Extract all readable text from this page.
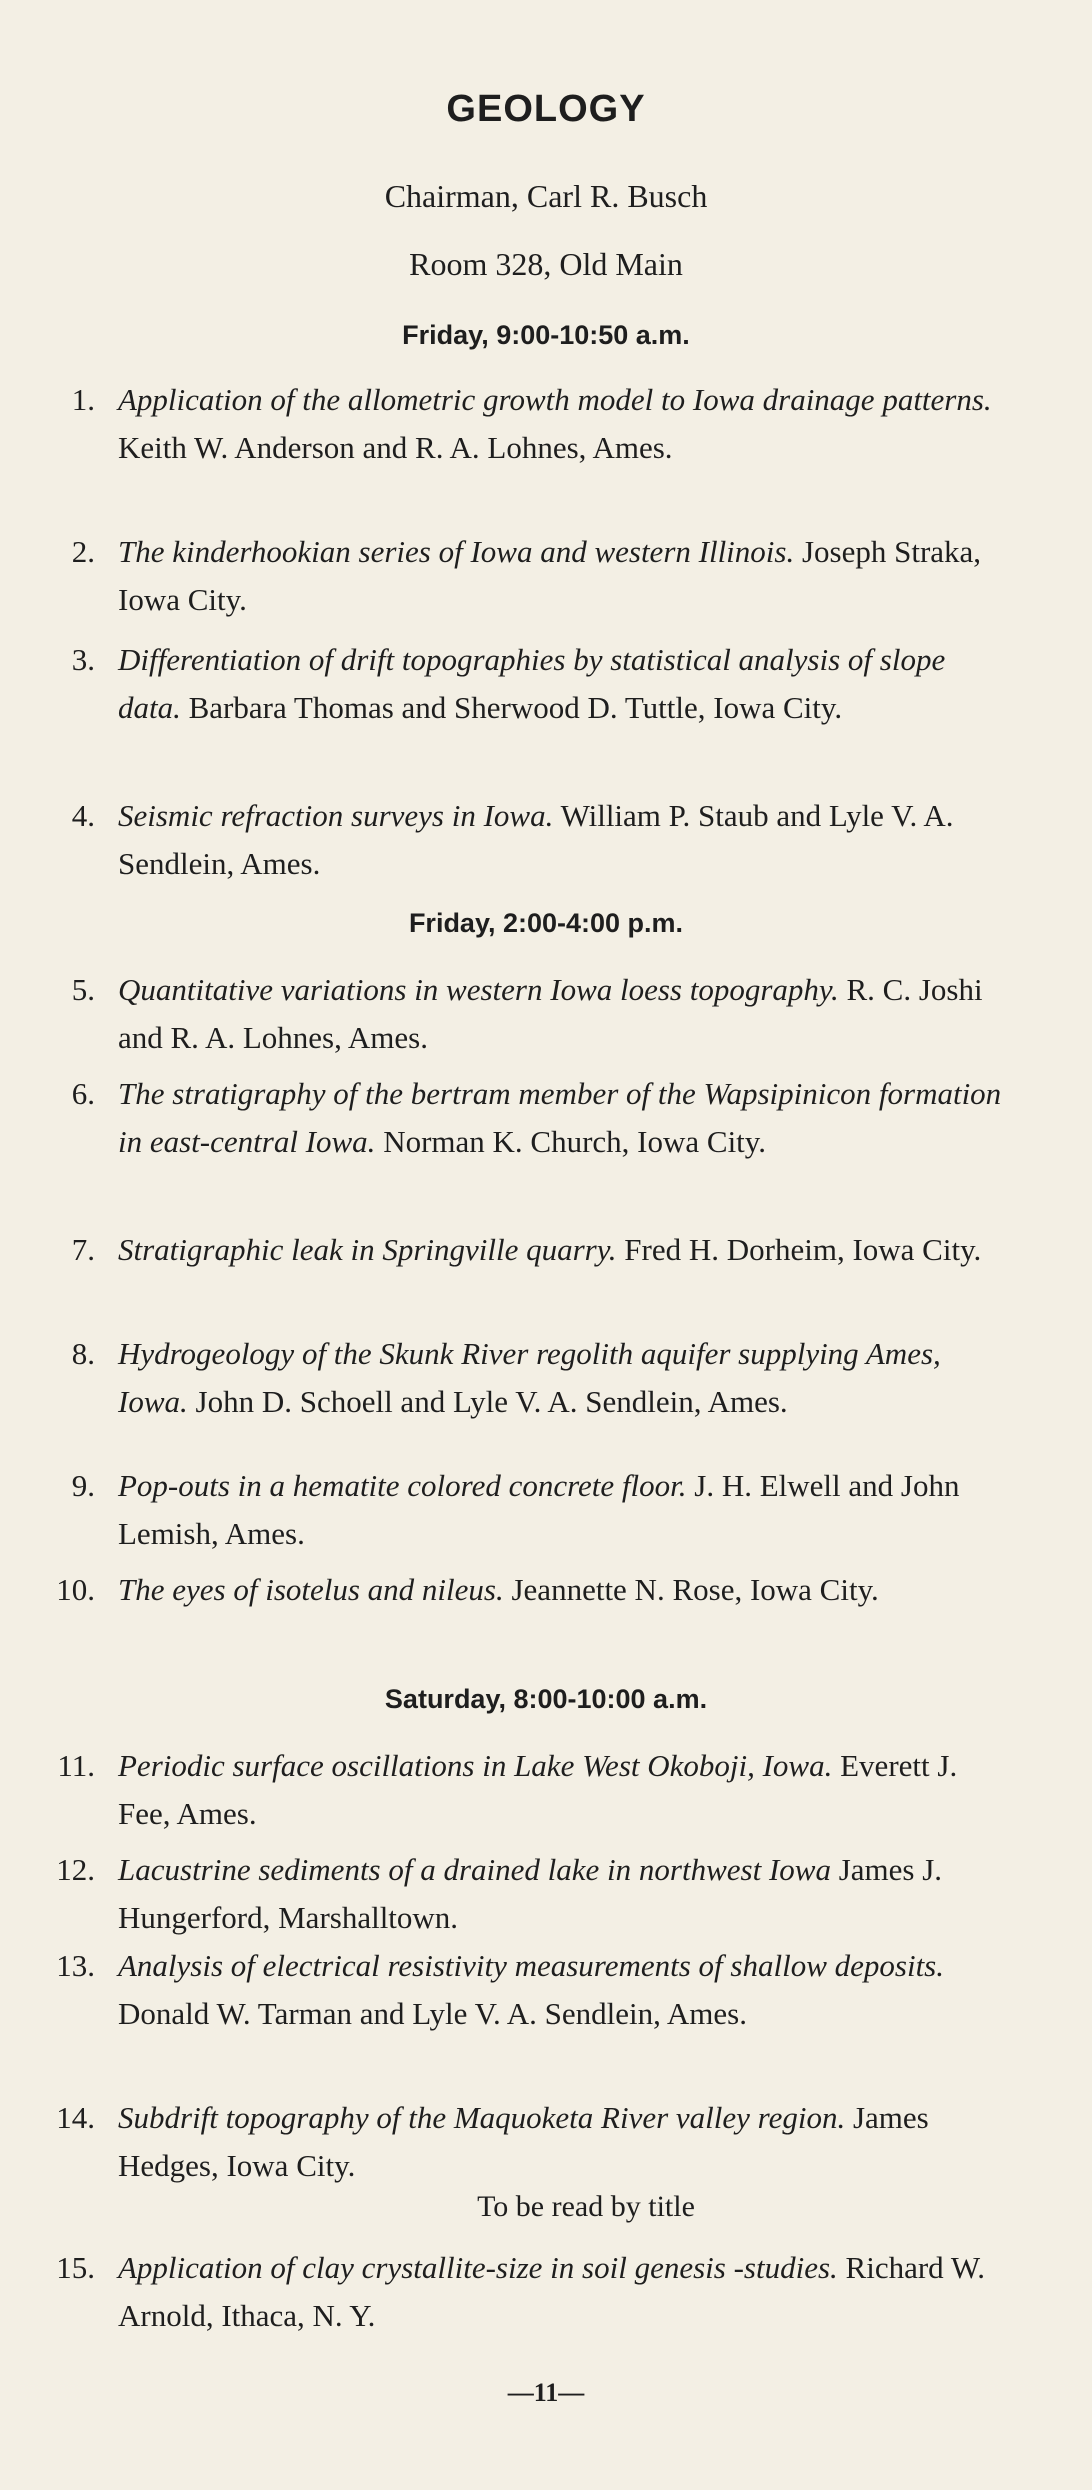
GEOLOGY
Chairman, Carl R. Busch
Room 328, Old Main
Friday, 9:00-10:50 a.m.
1. Application of the allometric growth model to Iowa drainage patterns. Keith W. Anderson and R. A. Lohnes, Ames.
2. The kinderhookian series of Iowa and western Illinois. Joseph Straka, Iowa City.
3. Differentiation of drift topographies by statistical analysis of slope data. Barbara Thomas and Sherwood D. Tuttle, Iowa City.
4. Seismic refraction surveys in Iowa. William P. Staub and Lyle V. A. Sendlein, Ames.
Friday, 2:00-4:00 p.m.
5. Quantitative variations in western Iowa loess topography. R. C. Joshi and R. A. Lohnes, Ames.
6. The stratigraphy of the bertram member of the Wapsipinicon formation in east-central Iowa. Norman K. Church, Iowa City.
7. Stratigraphic leak in Springville quarry. Fred H. Dorheim, Iowa City.
8. Hydrogeology of the Skunk River regolith aquifer supplying Ames, Iowa. John D. Schoell and Lyle V. A. Sendlein, Ames.
9. Pop-outs in a hematite colored concrete floor. J. H. Elwell and John Lemish, Ames.
10. The eyes of isotelus and nileus. Jeannette N. Rose, Iowa City.
Saturday, 8:00-10:00 a.m.
11. Periodic surface oscillations in Lake West Okoboji, Iowa. Everett J. Fee, Ames.
12. Lacustrine sediments of a drained lake in northwest Iowa James J. Hungerford, Marshalltown.
13. Analysis of electrical resistivity measurements of shallow deposits. Donald W. Tarman and Lyle V. A. Sendlein, Ames.
14. Subdrift topography of the Maquoketa River valley region. James Hedges, Iowa City.
To be read by title
15. Application of clay crystallite-size in soil genesis -studies. Richard W. Arnold, Ithaca, N. Y.
—11—
